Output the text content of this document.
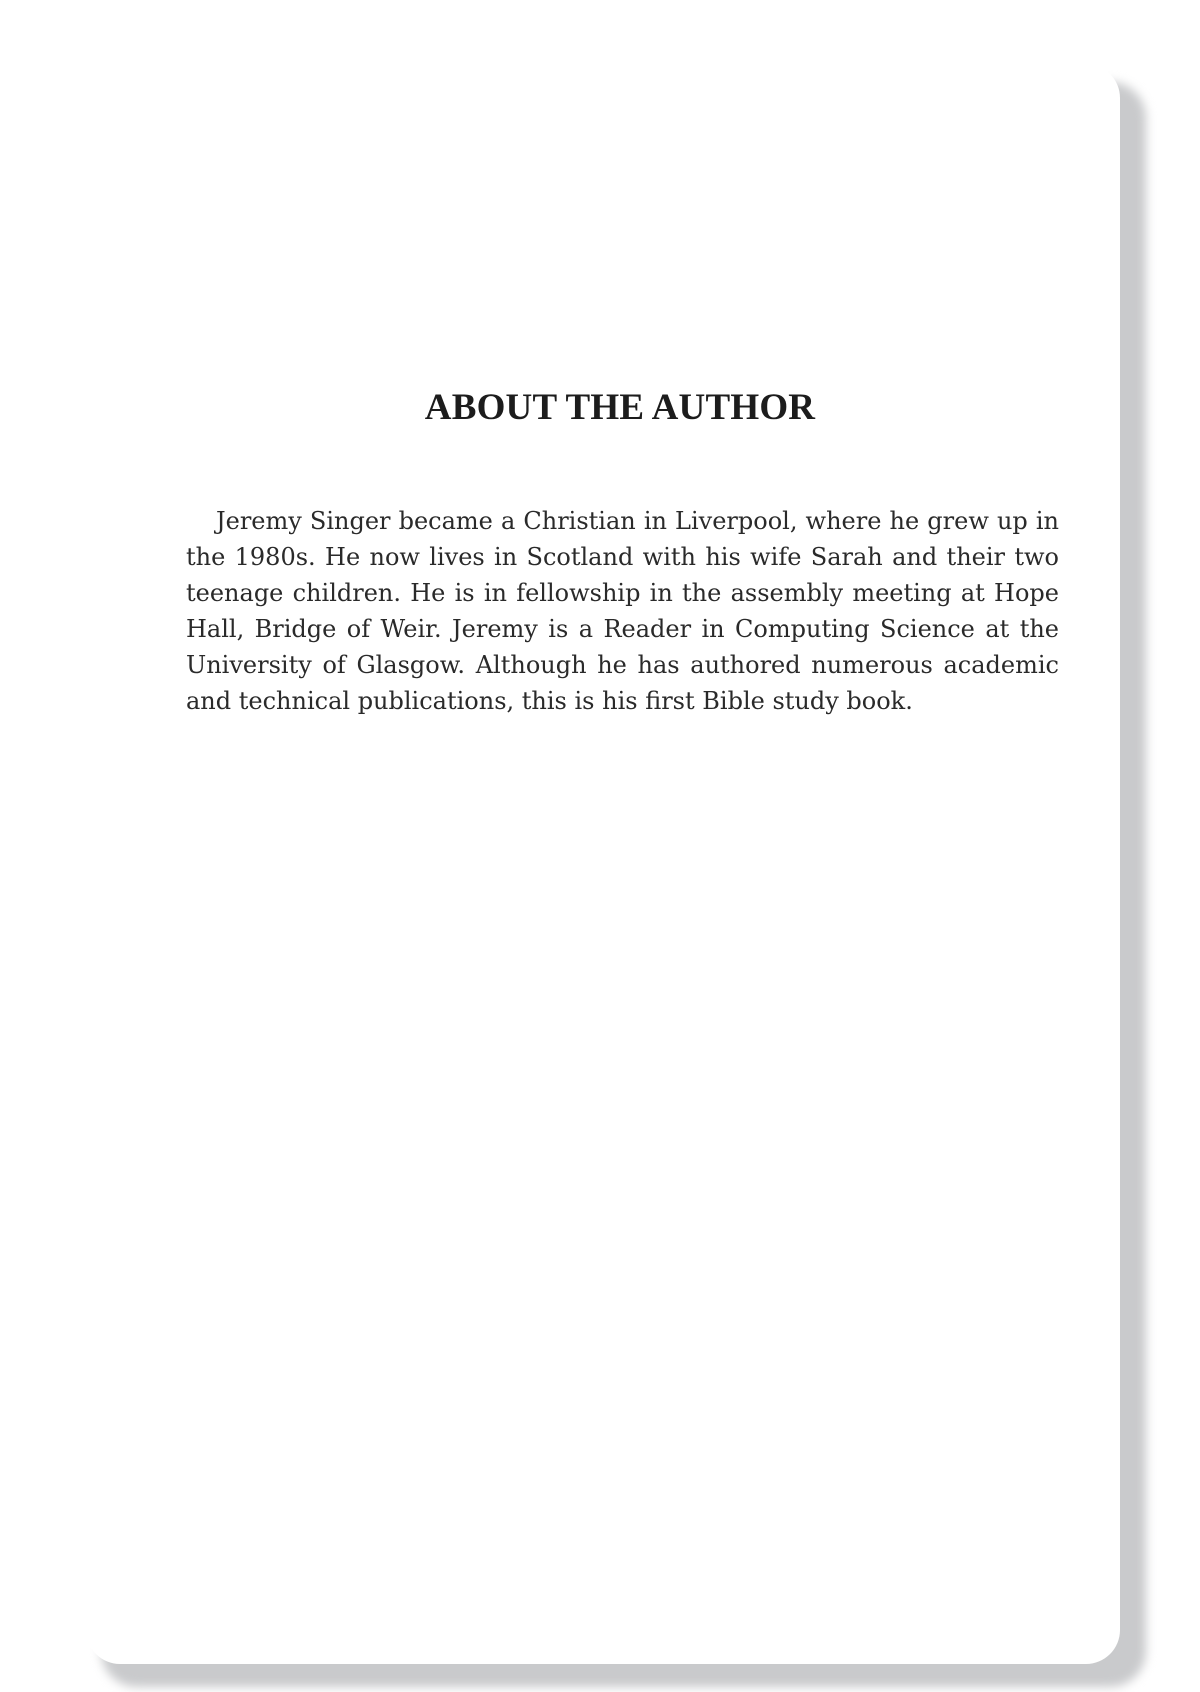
ABOUT THE AUTHOR

Jeremy Singer became a Christian in Liverpool, where he grew up in the 1980s. He now lives in Scotland with his wife Sarah and their two teenage children. He is in fellowship in the assembly meeting at Hope Hall, Bridge of Weir. Jeremy is a Reader in Computing Science at the University of Glasgow. Although he has authored numerous academic and technical publications, this is his first Bible study book.
